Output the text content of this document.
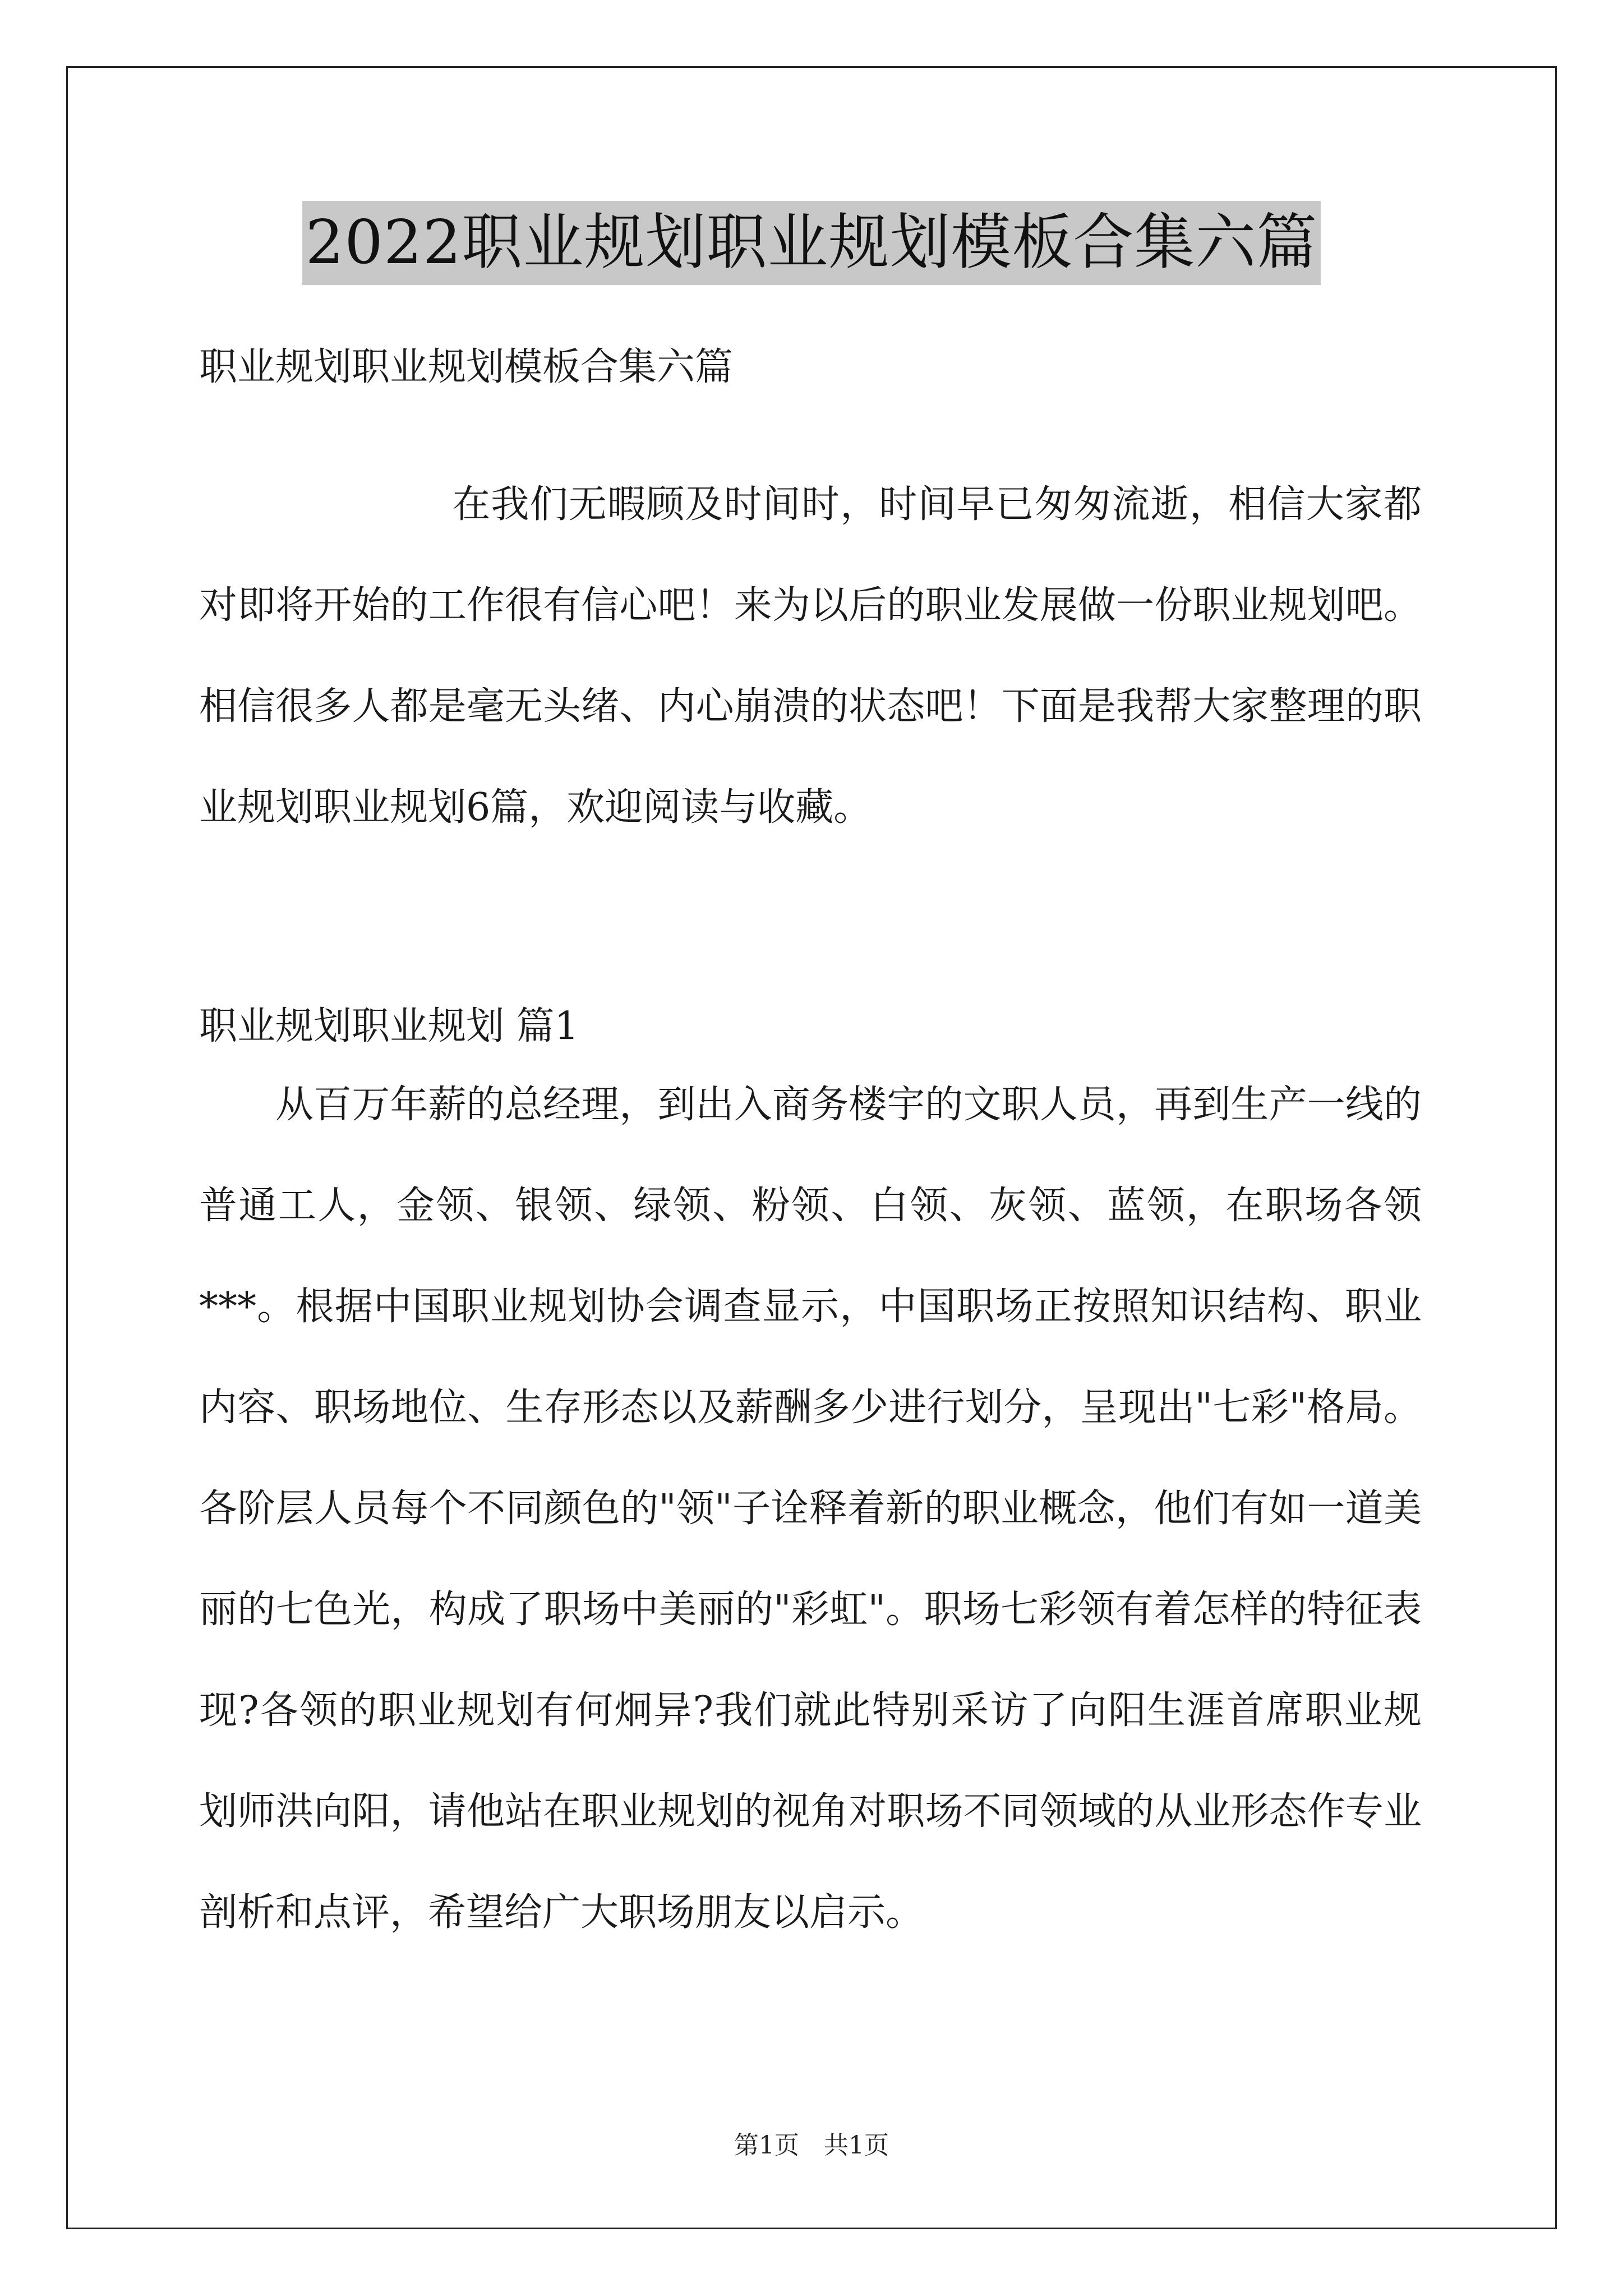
2022职业规划职业规划模板合集六篇

职业规划职业规划模板合集六篇

在我们无暇顾及时间时，时间早已匆匆流逝，相信大家都对即将开始的工作很有信心吧！来为以后的职业发展做一份职业规划吧。相信很多人都是毫无头绪、内心崩溃的状态吧！下面是我帮大家整理的职业规划职业规划6篇，欢迎阅读与收藏。

职业规划职业规划 篇1

从百万年薪的总经理，到出入商务楼宇的文职人员，再到生产一线的普通工人，金领、银领、绿领、粉领、白领、灰领、蓝领，在职场各领***。根据中国职业规划协会调查显示，中国职场正按照知识结构、职业内容、职场地位、生存形态以及薪酬多少进行划分，呈现出"七彩"格局。各阶层人员每个不同颜色的"领"子诠释着新的职业概念，他们有如一道美丽的七色光，构成了职场中美丽的"彩虹"。职场七彩领有着怎样的特征表现?各领的职业规划有何炯异?我们就此特别采访了向阳生涯首席职业规划师洪向阳，请他站在职业规划的视角对职场不同领域的从业形态作专业剖析和点评，希望给广大职场朋友以启示。

第1页　共1页
